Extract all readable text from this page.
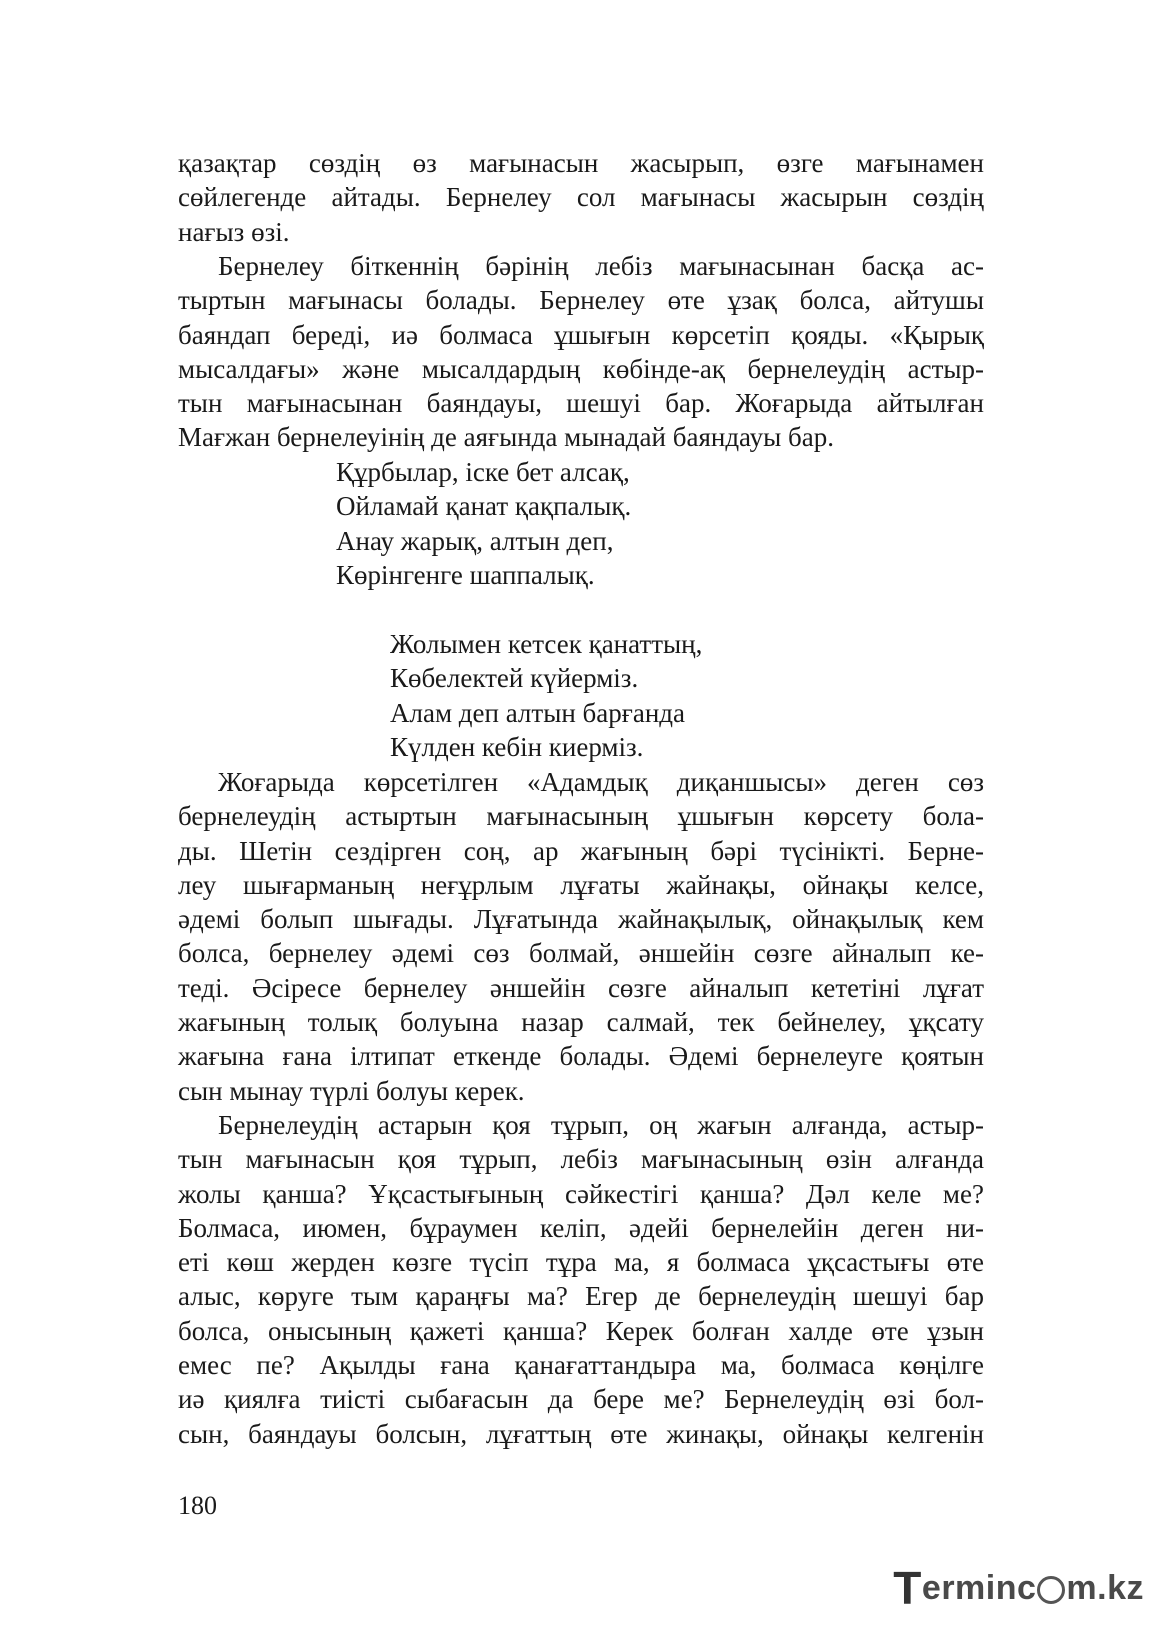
қазақтар сөздің өз мағынасын жасырып, өзге мағынамен
сөйлегенде айтады. Бернелеу сол мағынасы жасырын сөздің
нағыз өзі.
Бернелеу біткеннің бәрінің лебіз мағынасынан басқа ас-
тыртын мағынасы болады. Бернелеу өте ұзақ болса, айтушы
баяндап береді, иә болмаса ұшығын көрсетіп қояды. «Қырық
мысалдағы» және мысалдардың көбінде-ақ бернелеудің астыр-
тын мағынасынан баяндауы, шешуі бар. Жоғарыда айтылған
Мағжан бернелеуінің де аяғында мынадай баяндауы бар.
Құрбылар, іске бет алсақ,
Ойламай қанат қақпалық.
Анау жарық, алтын деп,
Көрінгенге шаппалық.
Жолымен кетсек қанаттың,
Көбелектей күйерміз.
Алам деп алтын барғанда
Күлден кебін киерміз.
Жоғарыда көрсетілген «Адамдық диқаншысы» деген сөз
бернелеудің астыртын мағынасының ұшығын көрсету бола-
ды. Шетін сездірген соң, ар жағының бәрі түсінікті. Берне-
леу шығарманың неғұрлым лұғаты жайнақы, ойнақы келсе,
әдемі болып шығады. Лұғатында жайнақылық, ойнақылық кем
болса, бернелеу әдемі сөз болмай, әншейін сөзге айналып ке-
теді. Әсіресе бернелеу әншейін сөзге айналып кететіні лұғат
жағының толық болуына назар салмай, тек бейнелеу, ұқсату
жағына ғана ілтипат еткенде болады. Әдемі бернелеуге қоятын
сын мынау түрлі болуы керек.
Бернелеудің астарын қоя тұрып, оң жағын алғанда, астыр-
тын мағынасын қоя тұрып, лебіз мағынасының өзін алғанда
жолы қанша? Ұқсастығының сәйкестігі қанша? Дәл келе ме?
Болмаса, июмен, бұраумен келіп, әдейі бернелейін деген ни-
еті көш жерден көзге түсіп тұра ма, я болмаса ұқсастығы өте
алыс, көруге тым қараңғы ма? Егер де бернелеудің шешуі бар
болса, онысының қажеті қанша? Керек болған халде өте ұзын
емес пе? Ақылды ғана қанағаттандыра ма, болмаса көңілге
иә қиялға тиісті сыбағасын да бере ме? Бернелеудің өзі бол-
сын, баяндауы болсын, лұғаттың өте жинақы, ойнақы келгенін
180
T erminc m.kz
